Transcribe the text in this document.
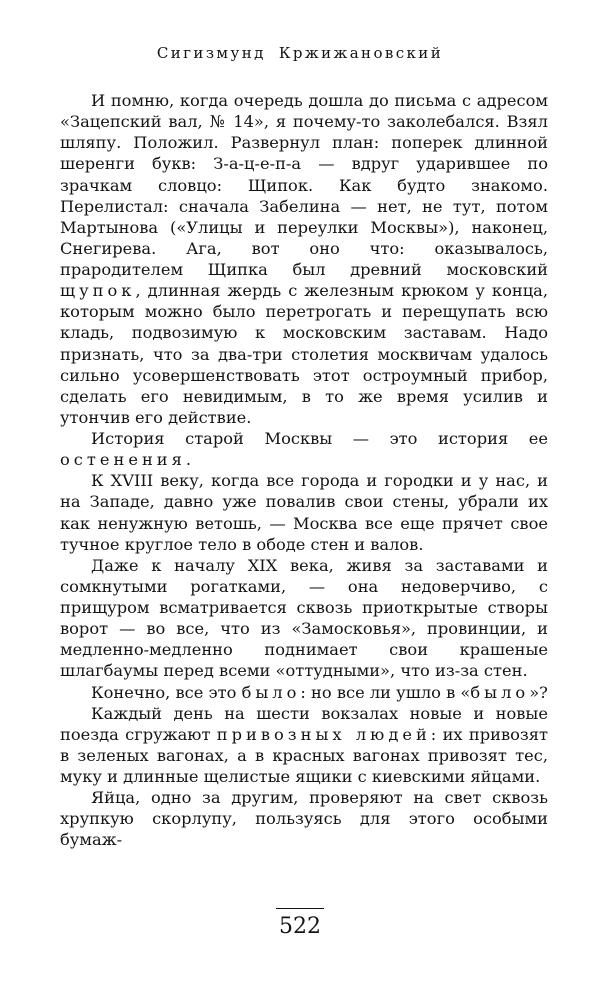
Сигизмунд Кржижановский

И помню, когда очередь дошла до письма с адресом «Зацепский вал, № 14», я почему-то заколебался. Взял шляпу. Положил. Развернул план: поперек длинной шеренги букв: З-а-ц-е-п-а — вдруг ударившее по зрачкам словцо: Щипок. Как будто знакомо. Перелистал: сначала Забелина — нет, не тут, потом Мартынова («Улицы и переулки Москвы»), наконец, Снегирева. Ага, вот оно что: оказывалось, прародителем Щипка был древний московский щупок, длинная жердь с железным крюком у конца, которым можно было перетрогать и перещупать всю кладь, подвозимую к московским заставам. Надо признать, что за два-три столетия москвичам удалось сильно усовершенствовать этот остроумный прибор, сделать его невидимым, в то же время усилив и утончив его действие.

История старой Москвы — это история ее остенения.

К XVIII веку, когда все города и городки и у нас, и на Западе, давно уже повалив свои стены, убрали их как ненужную ветошь, — Москва все еще прячет свое тучное круглое тело в ободе стен и валов.

Даже к началу XIX века, живя за заставами и сомкнутыми рогатками, — она недоверчиво, с прищуром всматривается сквозь приоткрытые створы ворот — во все, что из «Замосковья», провинции, и медленно-медленно поднимает свои крашеные шлагбаумы перед всеми «оттудными», что из-за стен.

Конечно, все это было: но все ли ушло в «было»?

Каждый день на шести вокзалах новые и новые поезда сгружают привозных людей: их привозят в зеленых вагонах, а в красных вагонах привозят тес, муку и длинные щелистые ящики с киевскими яйцами.

Яйца, одно за другим, проверяют на свет сквозь хрупкую скорлупу, пользуясь для этого особыми бумаж-

522
